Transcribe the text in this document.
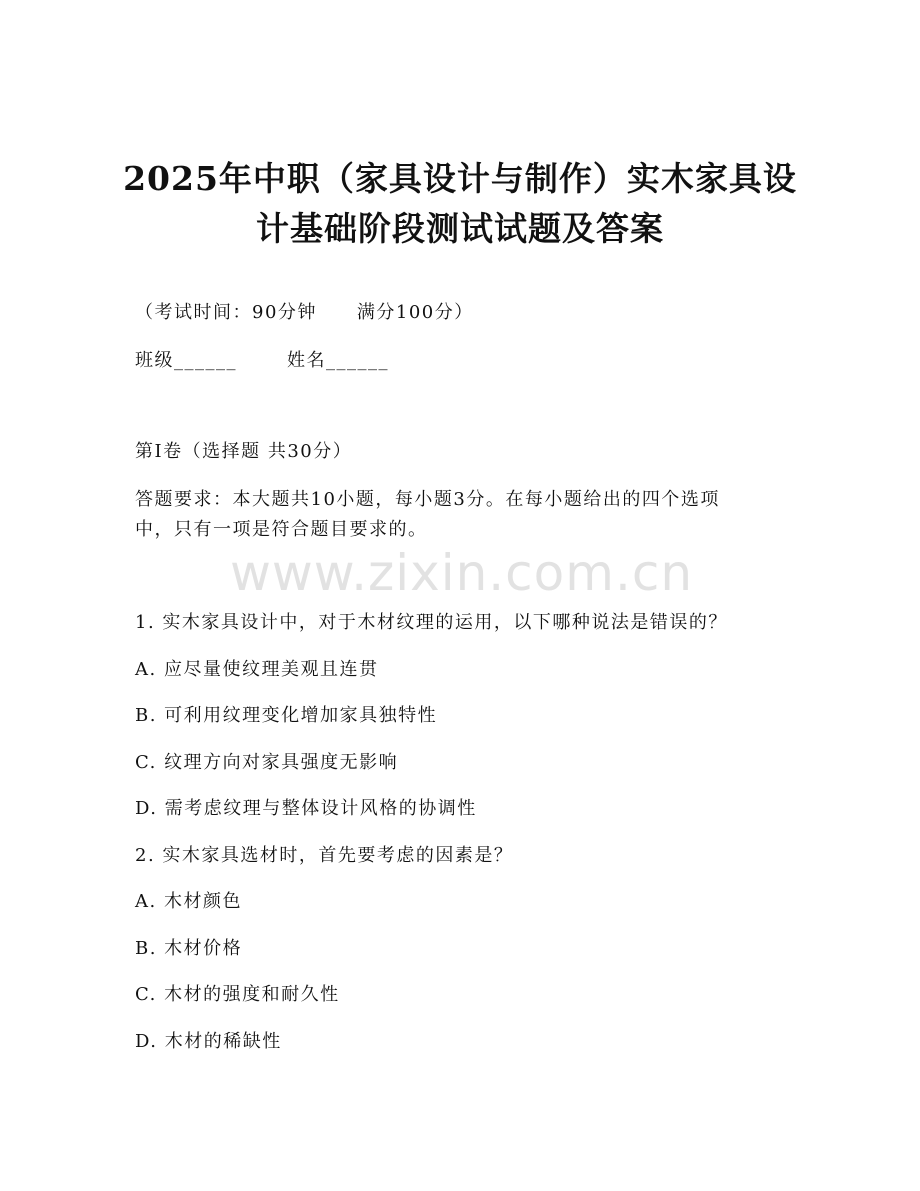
2025年中职（家具设计与制作）实木家具设
计基础阶段测试试题及答案
（考试时间：90分钟 满分100分）
班级______	姓名______
第Ⅰ卷（选择题 共30分）
答题要求：本大题共10小题，每小题3分。在每小题给出的四个选项
中，只有一项是符合题目要求的。
www.zixin.com.cn
1. 实木家具设计中，对于木材纹理的运用，以下哪种说法是错误的？
A. 应尽量使纹理美观且连贯
B. 可利用纹理变化增加家具独特性
C. 纹理方向对家具强度无影响
D. 需考虑纹理与整体设计风格的协调性
2. 实木家具选材时，首先要考虑的因素是？
A. 木材颜色
B. 木材价格
C. 木材的强度和耐久性
D. 木材的稀缺性
